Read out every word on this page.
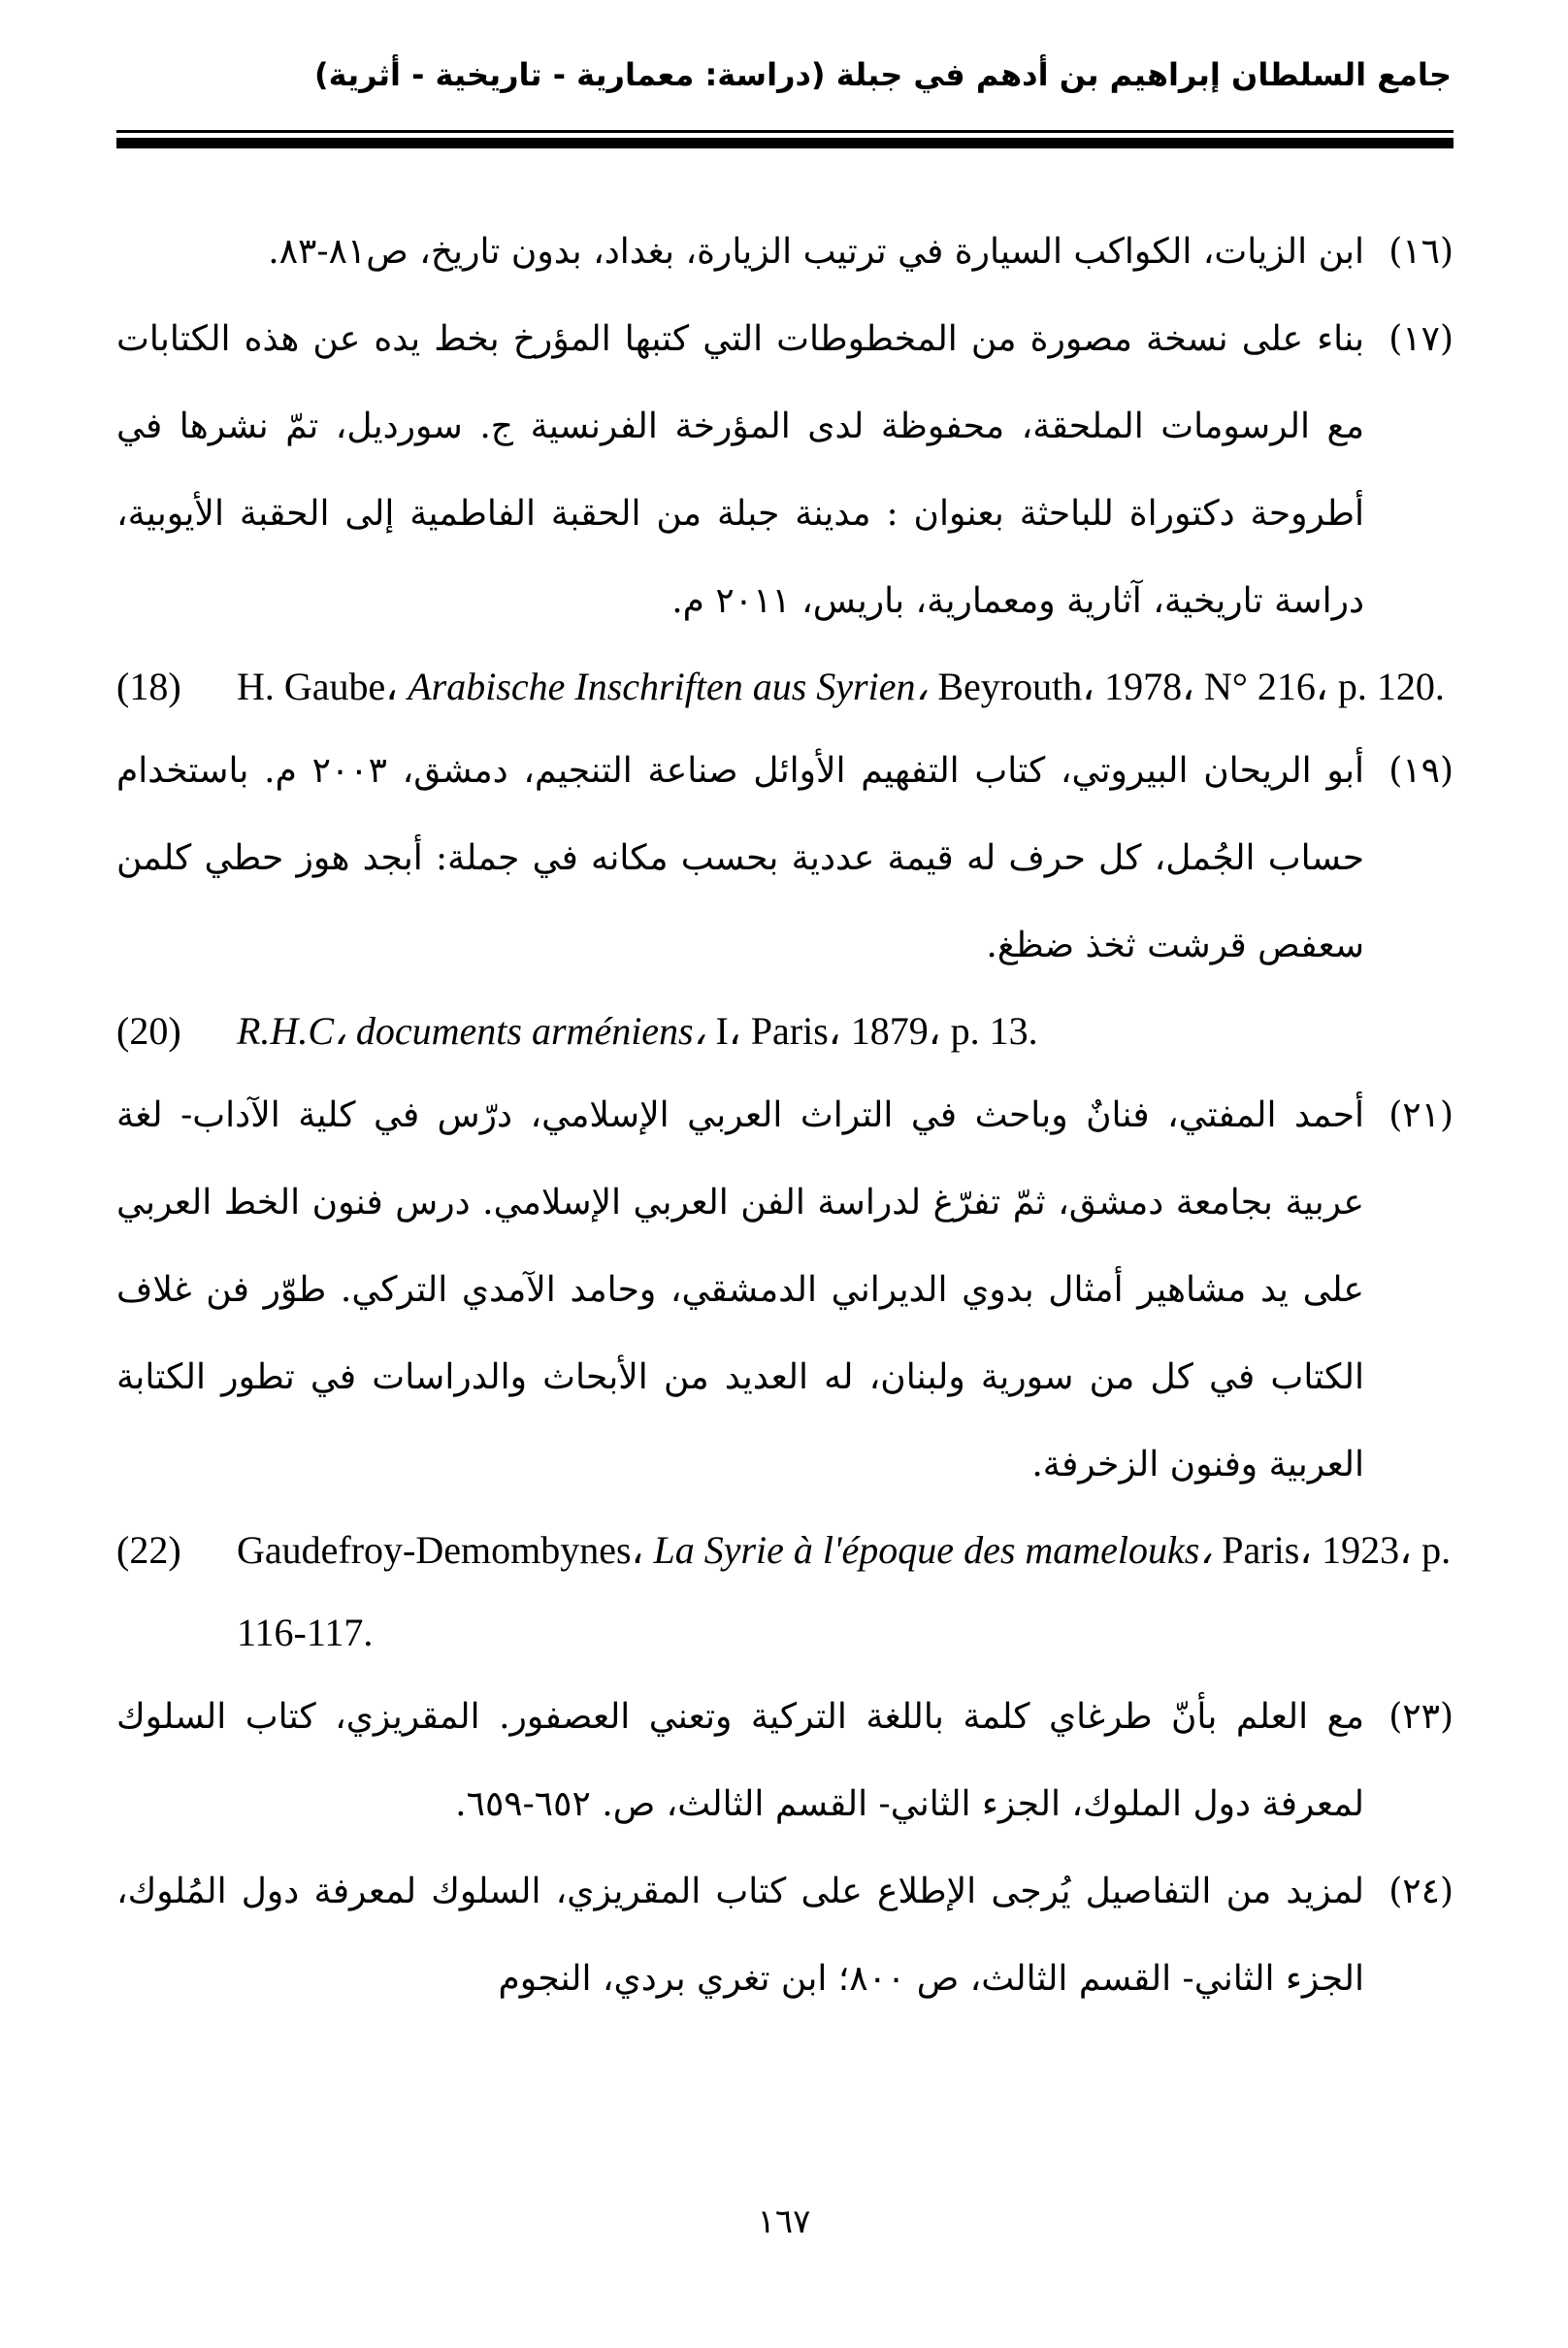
جامع السلطان إبراهيم بن أدهم في جبلة (دراسة: معمارية - تاريخية - أثرية)
(١٦)ابن الزيات، الكواكب السيارة في ترتيب الزيارة، بغداد، بدون تاريخ، ص٨١-٨٣.
(١٧)بناء على نسخة مصورة من المخطوطات التي كتبها المؤرخ بخط يده عن هذه الكتابات مع الرسومات الملحقة، محفوظة لدى المؤرخة الفرنسية ج. سورديل، تمّ نشرها في أطروحة دكتوراة للباحثة بعنوان : مدينة جبلة من الحقبة الفاطمية إلى الحقبة الأيوبية، دراسة تاريخية، آثارية ومعمارية، باريس، ٢٠١١ م.
(18) H. Gaube، Arabische Inschriften aus Syrien، Beyrouth، 1978، N° 216، p. 120.
(١٩)أبو الريحان البيروتي، كتاب التفهيم الأوائل صناعة التنجيم، دمشق، ٢٠٠٣ م. باستخدام حساب الجُمل، كل حرف له قيمة عددية بحسب مكانه في جملة: أبجد هوز حطي كلمن سعفص قرشت ثخذ ضظغ.
(20) R.H.C، documents arméniens، I، Paris، 1879، p. 13.
(٢١)أحمد المفتي، فنانٌ وباحث في التراث العربي الإسلامي، درّس في كلية الآداب- لغة عربية بجامعة دمشق، ثمّ تفرّغ لدراسة الفن العربي الإسلامي. درس فنون الخط العربي على يد مشاهير أمثال بدوي الديراني الدمشقي، وحامد الآمدي التركي. طوّر فن غلاف الكتاب في كل من سورية ولبنان، له العديد من الأبحاث والدراسات في تطور الكتابة العربية وفنون الزخرفة.
(22) Gaudefroy-Demombynes، La Syrie à l'époque des mamelouks، Paris، 1923، p. 116-117.
(٢٣)مع العلم بأنّ طرغاي كلمة باللغة التركية وتعني العصفور. المقريزي، كتاب السلوك لمعرفة دول الملوك، الجزء الثاني- القسم الثالث، ص. ٦٥٢-٦٥٩.
(٢٤)لمزيد من التفاصيل يُرجى الإطلاع على كتاب المقريزي، السلوك لمعرفة دول المُلوك، الجزء الثاني- القسم الثالث، ص ٨٠٠؛ ابن تغري بردي، النجوم
١٦٧
